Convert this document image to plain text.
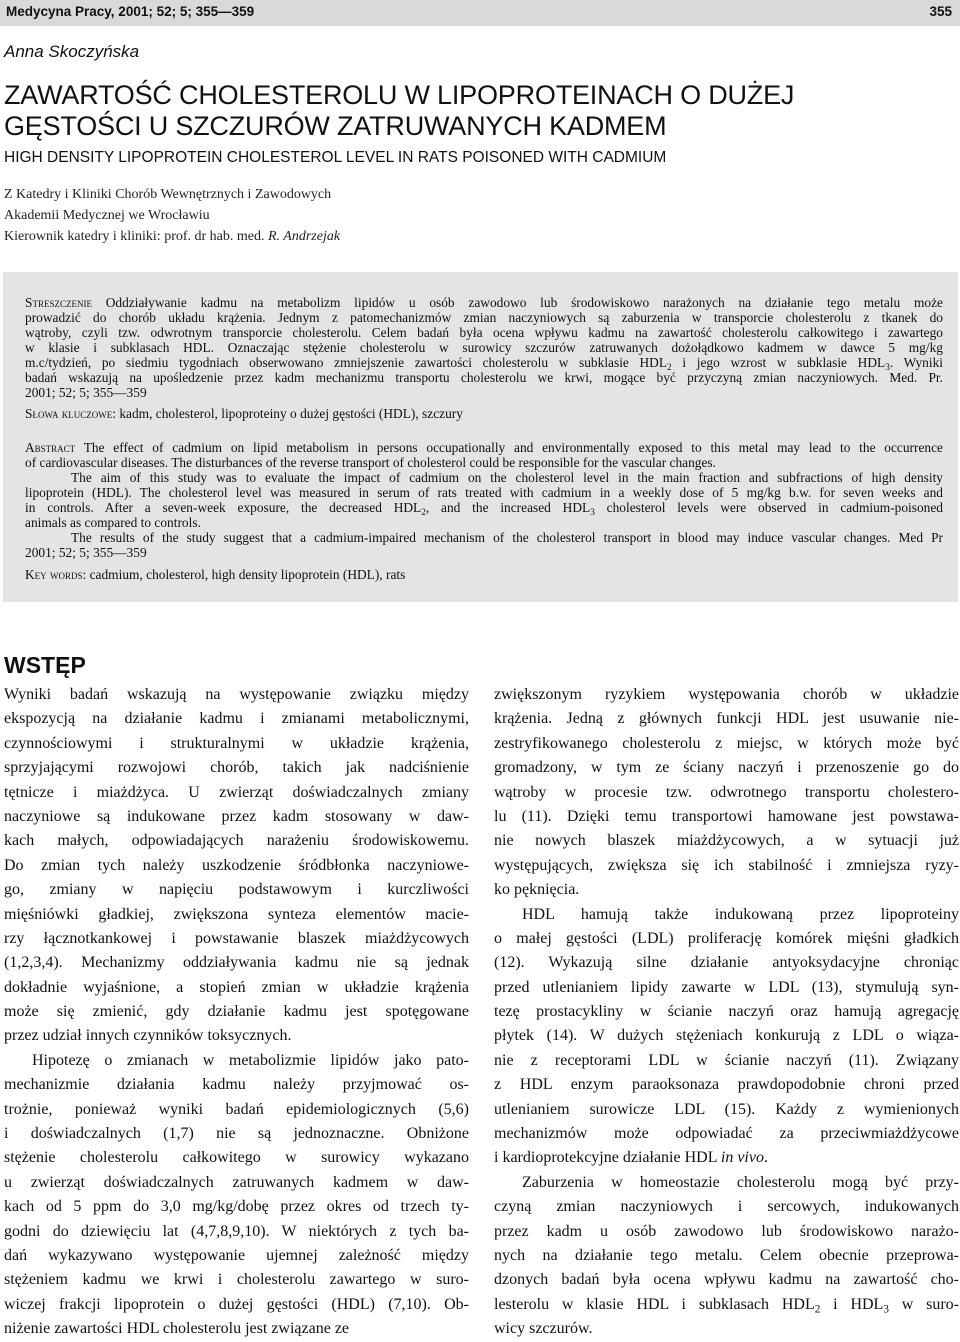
Medycyna Pracy, 2001; 52; 5; 355—359	355
Anna Skoczyńska
ZAWARTOŚĆ CHOLESTEROLU W LIPOPROTEINACH O DUŻEJ
GĘSTOŚCI U SZCZURÓW ZATRUWANYCH KADMEM
HIGH DENSITY LIPOPROTEIN CHOLESTEROL LEVEL IN RATS POISONED WITH CADMIUM
Z Katedry i Kliniki Chorób Wewnętrznych i Zawodowych
Akademii Medycznej we Wrocławiu
Kierownik katedry i kliniki: prof. dr hab. med. R. Andrzejak
Streszczenie Oddziaływanie kadmu na metabolizm lipidów u osób zawodowo lub środowiskowo narażonych na działanie tego metalu może
prowadzić do chorób układu krążenia. Jednym z patomechanizmów zmian naczyniowych są zaburzenia w transporcie cholesterolu z tkanek do
wątroby, czyli tzw. odwrotnym transporcie cholesterolu. Celem badań była ocena wpływu kadmu na zawartość cholesterolu całkowitego i zawartego
w klasie i subklasach HDL. Oznaczając stężenie cholesterolu w surowicy szczurów zatruwanych dożołądkowo kadmem w dawce 5 mg/kg
m.c/tydzień, po siedmiu tygodniach obserwowano zmniejszenie zawartości cholesterolu w subklasie $HDL_2$ i jego wzrost w subklasie $HDL_3$. Wyniki
badań wskazują na upośledzenie przez kadm mechanizmu transportu cholesterolu we krwi, mogące być przyczyną zmian naczyniowych. Med. Pr.
2001; 52; 5; 355—359
Słowa kluczowe: kadm, cholesterol, lipoproteiny o dużej gęstości (HDL), szczury
Abstract The effect of cadmium on lipid metabolism in persons occupationally and environmentally exposed to this metal may lead to the occurrence
of cardiovascular diseases. The disturbances of the reverse transport of cholesterol could be responsible for the vascular changes.
The aim of this study was to evaluate the impact of cadmium on the cholesterol level in the main fraction and subfractions of high density
lipoprotein (HDL). The cholesterol level was measured in serum of rats treated with cadmium in a weekly dose of 5 mg/kg b.w. for seven weeks and
in controls. After a seven-week exposure, the decreased $HDL_2$, and the increased $HDL_3$ cholesterol levels were observed in cadmium-poisoned
animals as compared to controls.
The results of the study suggest that a cadmium-impaired mechanism of the cholesterol transport in blood may induce vascular changes. Med Pr
2001; 52; 5; 355—359
Key words: cadmium, cholesterol, high density lipoprotein (HDL), rats
WSTĘP
Wyniki badań wskazują na występowanie związku między
ekspozycją na działanie kadmu i zmianami metabolicznymi,
czynnościowymi i strukturalnymi w układzie krążenia,
sprzyjającymi rozwojowi chorób, takich jak nadciśnienie
tętnicze i miażdżyca. U zwierząt doświadczalnych zmiany
naczyniowe są indukowane przez kadm stosowany w daw-
kach małych, odpowiadających narażeniu środowiskowemu.
Do zmian tych należy uszkodzenie śródbłonka naczyniowe-
go, zmiany w napięciu podstawowym i kurczliwości
mięśniówki gładkiej, zwiększona synteza elementów macie-
rzy łącznotkankowej i powstawanie blaszek miażdżycowych
(1,2,3,4). Mechanizmy oddziaływania kadmu nie są jednak
dokładnie wyjaśnione, a stopień zmian w układzie krążenia
może się zmienić, gdy działanie kadmu jest spotęgowane
przez udział innych czynników toksycznych.
Hipotezę o zmianach w metabolizmie lipidów jako pato-
mechanizmie działania kadmu należy przyjmować os-
trożnie, ponieważ wyniki badań epidemiologicznych (5,6)
i doświadczalnych (1,7) nie są jednoznaczne. Obniżone
stężenie cholesterolu całkowitego w surowicy wykazano
u zwierząt doświadczalnych zatruwanych kadmem w daw-
kach od 5 ppm do 3,0 mg/kg/dobę przez okres od trzech ty-
godni do dziewięciu lat (4,7,8,9,10). W niektórych z tych ba-
dań wykazywano występowanie ujemnej zależność między
stężeniem kadmu we krwi i cholesterolu zawartego w suro-
wiczej frakcji lipoprotein o dużej gęstości (HDL) (7,10). Ob-
niżenie zawartości HDL cholesterolu jest związane ze
zwiększonym ryzykiem występowania chorób w układzie
krążenia. Jedną z głównych funkcji HDL jest usuwanie nie-
zestryfikowanego cholesterolu z miejsc, w których może być
gromadzony, w tym ze ściany naczyń i przenoszenie go do
wątroby w procesie tzw. odwrotnego transportu cholestero-
lu (11). Dzięki temu transportowi hamowane jest powstawa-
nie nowych blaszek miażdżycowych, a w sytuacji już
występujących, zwiększa się ich stabilność i zmniejsza ryzy-
ko pęknięcia.
HDL hamują także indukowaną przez lipoproteiny
o małej gęstości (LDL) proliferację komórek mięśni gładkich
(12). Wykazują silne działanie antyoksydacyjne chroniąc
przed utlenianiem lipidy zawarte w LDL (13), stymulują syn-
tezę prostacykliny w ścianie naczyń oraz hamują agregację
płytek (14). W dużych stężeniach konkurują z LDL o wiąza-
nie z receptorami LDL w ścianie naczyń (11). Związany
z HDL enzym paraoksonaza prawdopodobnie chroni przed
utlenianiem surowicze LDL (15). Każdy z wymienionych
mechanizmów może odpowiadać za przeciwmiażdżycowe
i kardioprotekcyjne działanie HDL in vivo.
Zaburzenia w homeostazie cholesterolu mogą być przy-
czyną zmian naczyniowych i sercowych, indukowanych
przez kadm u osób zawodowo lub środowiskowo narażo-
nych na działanie tego metalu. Celem obecnie przeprowa-
dzonych badań była ocena wpływu kadmu na zawartość cho-
lesterolu w klasie HDL i subklasach $HDL_2$ i $HDL_3$ w suro-
wicy szczurów.
